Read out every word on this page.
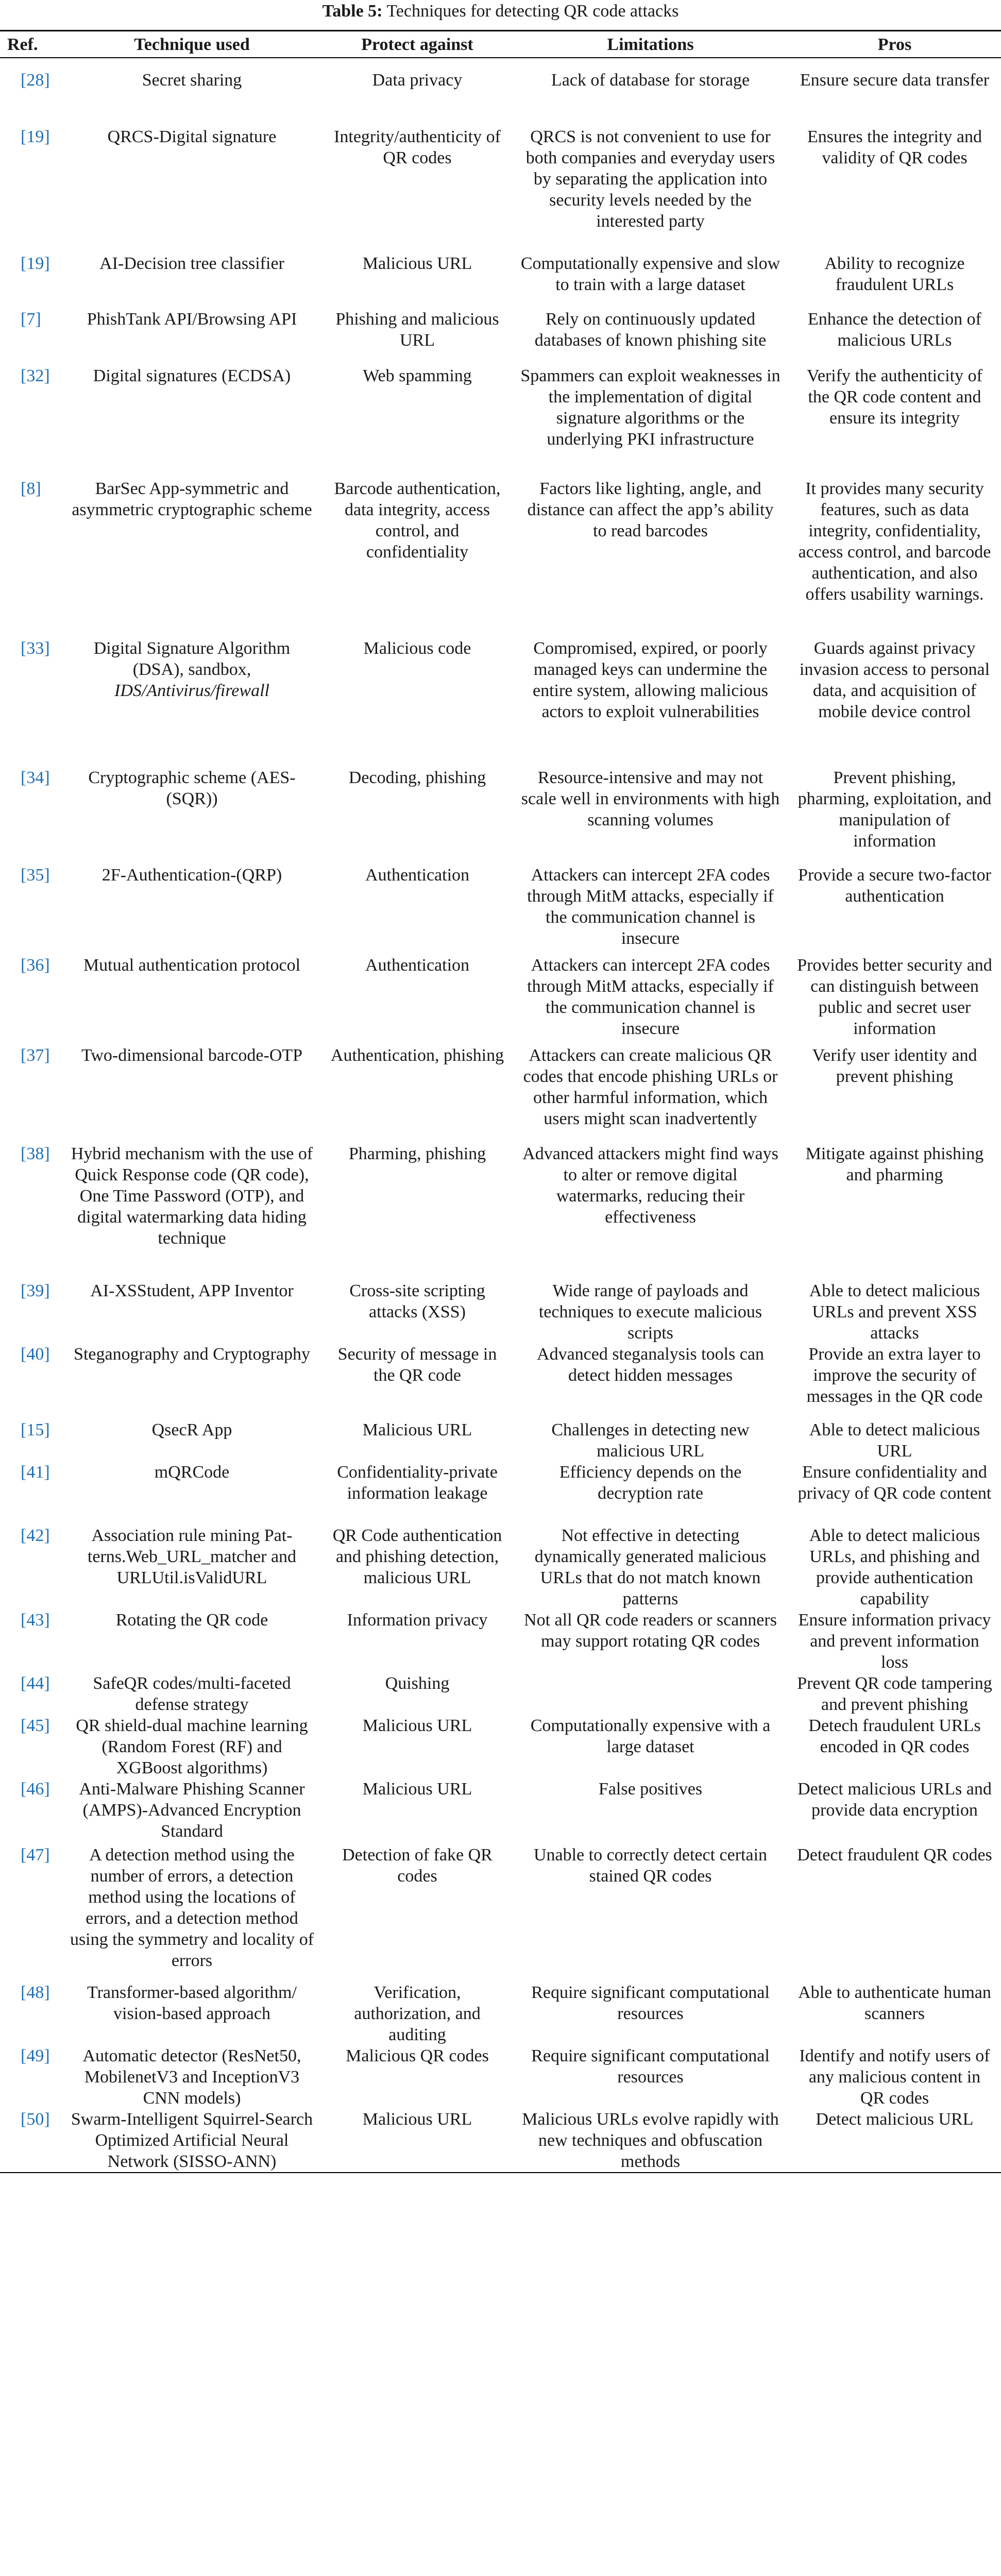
Table 5: Techniques for detecting QR code attacks
Ref.	Technique used	Protect against	Limitations	Pros
[28]	Secret sharing	Data privacy	Lack of database for storage	Ensure secure data transfer
[19]	QRCS-Digital signature	Integrity/authenticity of QR codes	QRCS is not convenient to use for both companies and everyday users by separating the application into security levels needed by the interested party	Ensures the integrity and validity of QR codes
[19]	AI-Decision tree classifier	Malicious URL	Computationally expensive and slow to train with a large dataset	Ability to recognize fraudulent URLs
[7]	PhishTank API/Browsing API	Phishing and malicious URL	Rely on continuously updated databases of known phishing site	Enhance the detection of malicious URLs
[32]	Digital signatures (ECDSA)	Web spamming	Spammers can exploit weaknesses in the implementation of digital signature algorithms or the underlying PKI infrastructure	Verify the authenticity of the QR code content and ensure its integrity
[8]	BarSec App-symmetric and asymmetric cryptographic scheme	Barcode authentication, data integrity, access control, and confidentiality	Factors like lighting, angle, and distance can affect the app’s ability to read barcodes	It provides many security features, such as data integrity, confidentiality, access control, and barcode authentication, and also offers usability warnings.
[33]	Digital Signature Algorithm (DSA), sandbox, IDS/Antivirus/firewall	Malicious code	Compromised, expired, or poorly managed keys can undermine the entire system, allowing malicious actors to exploit vulnerabilities	Guards against privacy invasion access to personal data, and acquisition of mobile device control
[34]	Cryptographic scheme (AES-(SQR))	Decoding, phishing	Resource-intensive and may not scale well in environments with high scanning volumes	Prevent phishing, pharming, exploitation, and manipulation of information
[35]	2F-Authentication-(QRP)	Authentication	Attackers can intercept 2FA codes through MitM attacks, especially if the communication channel is insecure	Provide a secure two-factor authentication
[36]	Mutual authentication protocol	Authentication	Attackers can intercept 2FA codes through MitM attacks, especially if the communication channel is insecure	Provides better security and can distinguish between public and secret user information
[37]	Two-dimensional barcode-OTP	Authentication, phishing	Attackers can create malicious QR codes that encode phishing URLs or other harmful information, which users might scan inadvertently	Verify user identity and prevent phishing
[38]	Hybrid mechanism with the use of Quick Response code (QR code), One Time Password (OTP), and digital watermarking data hiding technique	Pharming, phishing	Advanced attackers might find ways to alter or remove digital watermarks, reducing their effectiveness	Mitigate against phishing and pharming
[39]	AI-XSStudent, APP Inventor	Cross-site scripting attacks (XSS)	Wide range of payloads and techniques to execute malicious scripts	Able to detect malicious URLs and prevent XSS attacks
[40]	Steganography and Cryptography	Security of message in the QR code	Advanced steganalysis tools can detect hidden messages	Provide an extra layer to improve the security of messages in the QR code
[15]	QsecR App	Malicious URL	Challenges in detecting new malicious URL	Able to detect malicious URL
[41]	mQRCode	Confidentiality-private information leakage	Efficiency depends on the decryption rate	Ensure confidentiality and privacy of QR code content
[42]	Association rule mining Pat-terns.Web_URL_matcher and URLUtil.isValidURL	QR Code authentication and phishing detection, malicious URL	Not effective in detecting dynamically generated malicious URLs that do not match known patterns	Able to detect malicious URLs, and phishing and provide authentication capability
[43]	Rotating the QR code	Information privacy	Not all QR code readers or scanners may support rotating QR codes	Ensure information privacy and prevent information loss
[44]	SafeQR codes/multi-faceted defense strategy	Quishing		Prevent QR code tampering and prevent phishing
[45]	QR shield-dual machine learning (Random Forest (RF) and XGBoost algorithms)	Malicious URL	Computationally expensive with a large dataset	Detech fraudulent URLs encoded in QR codes
[46]	Anti-Malware Phishing Scanner (AMPS)-Advanced Encryption Standard	Malicious URL	False positives	Detect malicious URLs and provide data encryption
[47]	A detection method using the number of errors, a detection method using the locations of errors, and a detection method using the symmetry and locality of errors	Detection of fake QR codes	Unable to correctly detect certain stained QR codes	Detect fraudulent QR codes
[48]	Transformer-based algorithm/ vision-based approach	Verification, authorization, and auditing	Require significant computational resources	Able to authenticate human scanners
[49]	Automatic detector (ResNet50, MobilenetV3 and InceptionV3 CNN models)	Malicious QR codes	Require significant computational resources	Identify and notify users of any malicious content in QR codes
[50]	Swarm-Intelligent Squirrel-Search Optimized Artificial Neural Network (SISSO-ANN)	Malicious URL	Malicious URLs evolve rapidly with new techniques and obfuscation methods	Detect malicious URL
